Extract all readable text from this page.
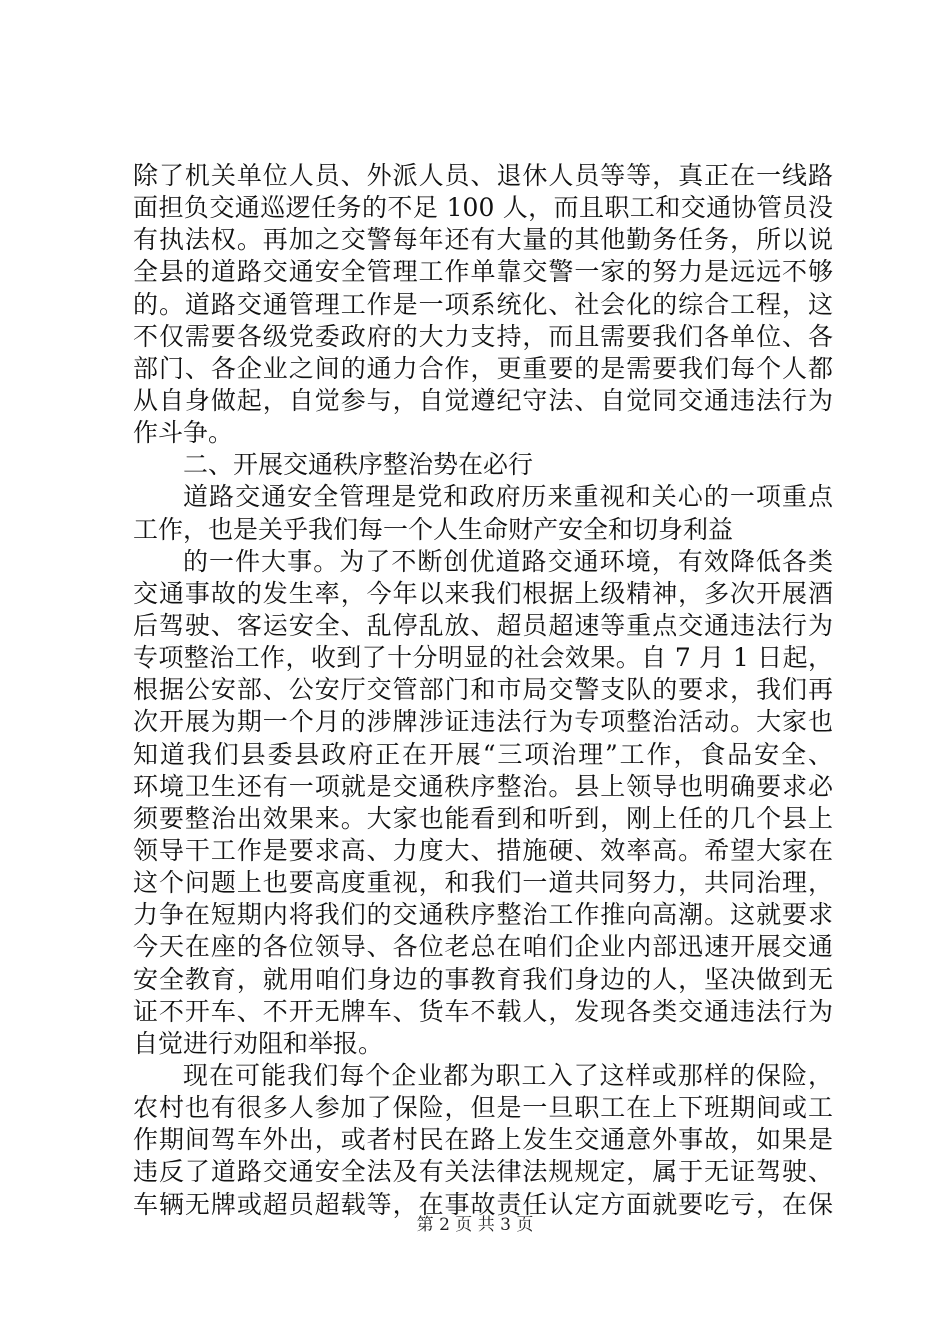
除了机关单位人员、外派人员、退休人员等等，真正在一线路
面担负交通巡逻任务的不足 100 人，而且职工和交通协管员没
有执法权。再加之交警每年还有大量的其他勤务任务，所以说
全县的道路交通安全管理工作单靠交警一家的努力是远远不够
的。道路交通管理工作是一项系统化、社会化的综合工程，这
不仅需要各级党委政府的大力支持，而且需要我们各单位、各
部门、各企业之间的通力合作，更重要的是需要我们每个人都
从自身做起，自觉参与，自觉遵纪守法、自觉同交通违法行为
作斗争。
二、开展交通秩序整治势在必行
道路交通安全管理是党和政府历来重视和关心的一项重点
工作，也是关乎我们每一个人生命财产安全和切身利益
的一件大事。为了不断创优道路交通环境，有效降低各类
交通事故的发生率，今年以来我们根据上级精神，多次开展酒
后驾驶、客运安全、乱停乱放、超员超速等重点交通违法行为
专项整治工作，收到了十分明显的社会效果。自 7 月 1 日起，
根据公安部、公安厅交管部门和市局交警支队的要求，我们再
次开展为期一个月的涉牌涉证违法行为专项整治活动。大家也
知道我们县委县政府正在开展“三项治理”工作，食品安全、
环境卫生还有一项就是交通秩序整治。县上领导也明确要求必
须要整治出效果来。大家也能看到和听到，刚上任的几个县上
领导干工作是要求高、力度大、措施硬、效率高。希望大家在
这个问题上也要高度重视，和我们一道共同努力，共同治理，
力争在短期内将我们的交通秩序整治工作推向高潮。这就要求
今天在座的各位领导、各位老总在咱们企业内部迅速开展交通
安全教育，就用咱们身边的事教育我们身边的人，坚决做到无
证不开车、不开无牌车、货车不载人，发现各类交通违法行为
自觉进行劝阻和举报。
现在可能我们每个企业都为职工入了这样或那样的保险，
农村也有很多人参加了保险，但是一旦职工在上下班期间或工
作期间驾车外出，或者村民在路上发生交通意外事故，如果是
违反了道路交通安全法及有关法律法规规定，属于无证驾驶、
车辆无牌或超员超载等，在事故责任认定方面就要吃亏，在保
第 2 页 共 3 页
